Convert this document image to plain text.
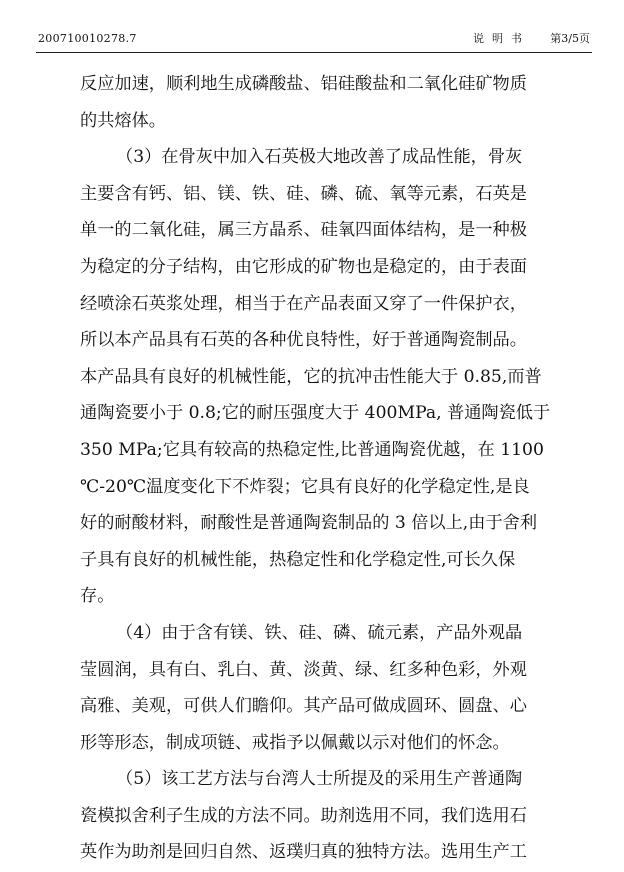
200710010278.7	说明书 第3/5页
反应加速，顺利地生成磷酸盐、铝硅酸盐和二氧化硅矿物质
的共熔体。
（3）在骨灰中加入石英极大地改善了成品性能，骨灰
主要含有钙、铝、镁、铁、硅、磷、硫、氧等元素，石英是
单一的二氧化硅，属三方晶系、硅氧四面体结构，是一种极
为稳定的分子结构，由它形成的矿物也是稳定的，由于表面
经喷涂石英浆处理，相当于在产品表面又穿了一件保护衣，
所以本产品具有石英的各种优良特性，好于普通陶瓷制品。
本产品具有良好的机械性能，它的抗冲击性能大于 0.85,而普
通陶瓷要小于 0.8;它的耐压强度大于 400MPa, 普通陶瓷低于
350 MPa;它具有较高的热稳定性,比普通陶瓷优越，在 1100
℃-20℃温度变化下不炸裂；它具有良好的化学稳定性,是良
好的耐酸材料，耐酸性是普通陶瓷制品的 3 倍以上,由于舍利
子具有良好的机械性能，热稳定性和化学稳定性,可长久保
存。
（4）由于含有镁、铁、硅、磷、硫元素，产品外观晶
莹圆润，具有白、乳白、黄、淡黄、绿、红多种色彩，外观
高雅、美观，可供人们瞻仰。其产品可做成圆环、圆盘、心
形等形态，制成项链、戒指予以佩戴以示对他们的怀念。
（5）该工艺方法与台湾人士所提及的采用生产普通陶
瓷模拟舍利子生成的方法不同。助剂选用不同，我们选用石
英作为助剂是回归自然、返璞归真的独特方法。选用生产工
